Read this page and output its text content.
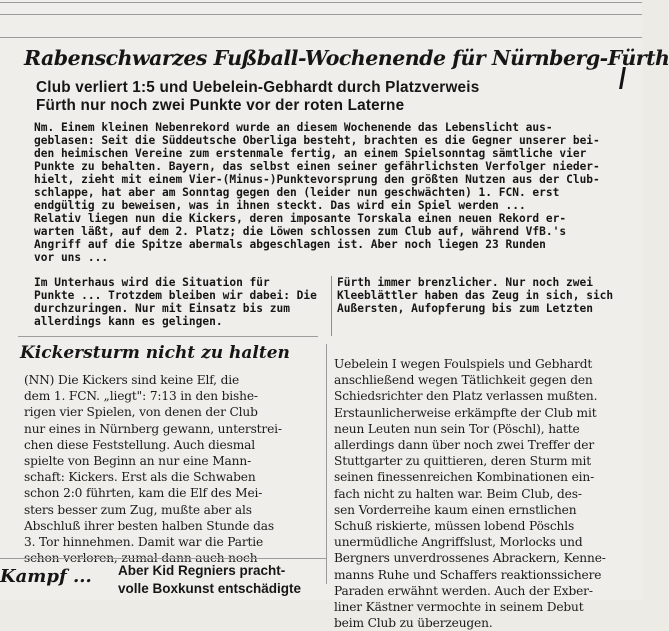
Rabenschwarzes Fußball-Wochenende für Nürnberg-Fürth
Club verliert 1:5 und Uebelein-Gebhardt durch Platzverweis
Fürth nur noch zwei Punkte vor der roten Laterne
Nm. Einem kleinen Nebenrekord wurde an diesem Wochenende das Lebenslicht aus-
geblasen: Seit die Süddeutsche Oberliga besteht, brachten es die Gegner unserer bei-
den heimischen Vereine zum erstenmale fertig, an einem Spielsonntag sämtliche vier
Punkte zu behalten. Bayern, das selbst einen seiner gefährlichsten Verfolger nieder-
hielt, zieht mit einem Vier-(Minus-)Punktevorsprung den größten Nutzen aus der Club-
schlappe, hat aber am Sonntag gegen den (leider nun geschwächten) 1. FCN. erst
endgültig zu beweisen, was in ihnen steckt. Das wird ein Spiel werden ...
Relativ liegen nun die Kickers, deren imposante Torskala einen neuen Rekord er-
warten läßt, auf dem 2. Platz; die Löwen schlossen zum Club auf, während VfB.'s
Angriff auf die Spitze abermals abgeschlagen ist. Aber noch liegen 23 Runden
vor uns ...
Im Unterhaus wird die Situation für	Fürth immer brenzlicher. Nur noch zwei
Punkte ... Trotzdem bleiben wir dabei: Die	Kleeblättler haben das Zeug in sich, sich
durchzuringen. Nur mit Einsatz bis zum	Außersten, Aufopferung bis zum Letzten
allerdings kann es gelingen.
Kickersturm nicht zu halten
(NN) Die Kickers sind keine Elf, die
dem 1. FCN. „liegt": 7:13 in den bishe-
rigen vier Spielen, von denen der Club
nur eines in Nürnberg gewann, unterstrei-
chen diese Feststellung. Auch diesmal
spielte von Beginn an nur eine Mann-
schaft: Kickers. Erst als die Schwaben
schon 2:0 führten, kam die Elf des Mei-
sters besser zum Zug, mußte aber als
Abschluß ihrer besten halben Stunde das
3. Tor hinnehmen. Damit war die Partie
schon verloren, zumal dann auch noch
Uebelein I wegen Foulspiels und Gebhardt
anschließend wegen Tätlichkeit gegen den
Schiedsrichter den Platz verlassen mußten.
Erstaunlicherweise erkämpfte der Club mit
neun Leuten nun sein Tor (Pöschl), hatte
allerdings dann über noch zwei Treffer der
Stuttgarter zu quittieren, deren Sturm mit
seinen finessenreichen Kombinationen ein-
fach nicht zu halten war. Beim Club, des-
sen Vorderreihe kaum einen ernstlichen
Schuß riskierte, müssen lobend Pöschls
unermüdliche Angriffslust, Morlocks und
Bergners unverdrossenes Abrackern, Kenne-
manns Ruhe und Schaffers reaktionssichere
Paraden erwähnt werden. Auch der Exber-
liner Kästner vermochte in seinem Debut
beim Club zu überzeugen.
Kampf ...	Aber Kid Regniers pracht-
volle Boxkunst entschädigte
